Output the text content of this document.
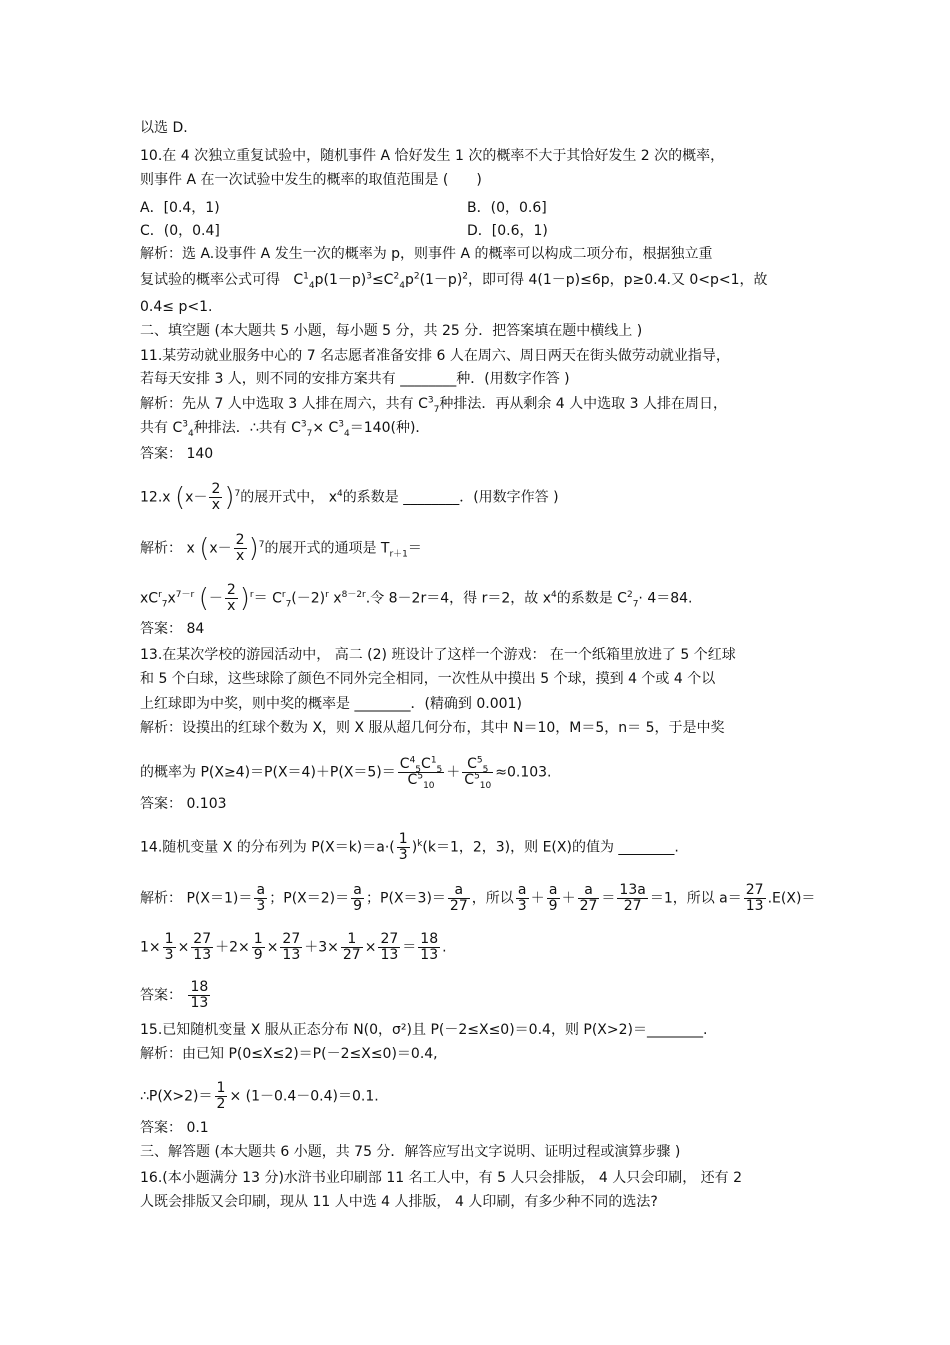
以选 D.
10.在 4 次独立重复试验中，随机事件 A 恰好发生 1 次的概率不大于其恰好发生 2 次的概率，
则事件 A 在一次试验中发生的概率的取值范围是 (　　)
A．[0.4，1)	B．(0，0.6]
C．(0，0.4]	D．[0.6，1)
解析：选 A.设事件 A 发生一次的概率为 p，则事件 A 的概率可以构成二项分布，根据独立重
复试验的概率公式可得   $C^1_4p(1-p)^3\le C^2_4p^2(1-p)^2$，即可得 4(1－p)≤6p，p≥0.4.又 0<p<1，故
0.4≤ p<1.
二、填空题 (本大题共 5 小题，每小题 5 分，共 25 分．把答案填在题中横线上 )
11.某劳动就业服务中心的 7 名志愿者准备安排 6 人在周六、周日两天在街头做劳动就业指导，
若每天安排 3 人，则不同的安排方案共有 ________种．(用数字作答 )
解析：先从 7 人中选取 3 人排在周六，共有 $C^3_7$种排法．再从剩余 4 人中选取 3 人排在周日，
共有 $C^3_4$种排法．∴共有 $C^3_7\times C^3_4=140$(种)．
答案： 140
12.x $(x- \frac{2}{x} )^7$的展开式中， $x^4$的系数是 ________．(用数字作答 )
解析： x $(x- \frac{2}{x} )^7$的展开式的通项是 $T_{r+1}=$
$xC^r_7x^{7-r}$ (－ $\frac{2}{x} )^r= C^r_7(-2)^r$ $x^{8-2r}$.令 8－2r＝4，得 r＝2，故 $x^4$的系数是 $C^2_7\cdot 4=84$.
答案： 84
13.在某次学校的游园活动中， 高二 (2) 班设计了这样一个游戏： 在一个纸箱里放进了 5 个红球
和 5 个白球，这些球除了颜色不同外完全相同，一次性从中摸出 5 个球，摸到 4 个或 4 个以
上红球即为中奖，则中奖的概率是 ________．(精确到 0.001)
解析：设摸出的红球个数为 X，则 X 服从超几何分布，其中 N＝10，M＝5，n＝ 5，于是中奖
的概率为 $P(X\ge 4)=P(X=4)+P(X=5)= \frac{C^4_5C^1_5}{C^5_{10}} + \frac{C^5_5}{C^5_{10}} \approx 0.103$.
答案： 0.103
14.随机变量 X 的分布列为 $P(X=k)=a\cdot( \frac{1}{3} )^k(k=1$，2，3)，则 E(X)的值为 ________.
解析： $P(X=1)= \frac{a}{3}$ ；$P(X=2)= \frac{a}{9}$ ；$P(X=3)= \frac{a}{27}$ ，所以 $\frac{a}{3} + \frac{a}{9} + \frac{a}{27} = \frac{13a}{27} =1$，所以 $a= \frac{27}{13} .E(X)=$
$1\times \frac{1}{3} \times \frac{27}{13} +2\times \frac{1}{9} \times \frac{27}{13} +3\times \frac{1}{27} \times \frac{27}{13} = \frac{18}{13}$ .
答案： $\frac{18}{13}$
15.已知随机变量 X 服从正态分布 N(0，σ²)且 P(－2≤X≤0)＝0.4，则 P(X>2)＝________.
解析：由已知 P(0≤X≤2)＝P(－2≤X≤0)＝0.4,
∴P(X>2)＝ $\frac{1}{2} \times (1-0.4-0.4)=0.1$.
答案： 0.1
三、解答题 (本大题共 6 小题，共 75 分．解答应写出文字说明、证明过程或演算步骤 )
16.(本小题满分 13 分)水浒书业印刷部 11 名工人中，有 5 人只会排版， 4 人只会印刷， 还有 2
人既会排版又会印刷，现从 11 人中选 4 人排版， 4 人印刷，有多少种不同的选法?
